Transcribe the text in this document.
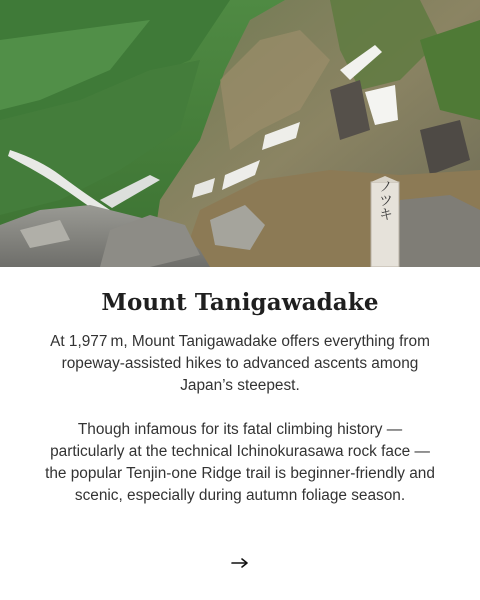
ノツキ
Mount Tanigawadake

At 1,977 m, Mount Tanigawadake offers everything from ropeway-assisted hikes to advanced ascents among Japan’s steepest.

Though infamous for its fatal climbing history — particularly at the technical Ichinokurasawa rock face — the popular Tenjin-one Ridge trail is beginner-friendly and scenic, especially during autumn foliage season.
